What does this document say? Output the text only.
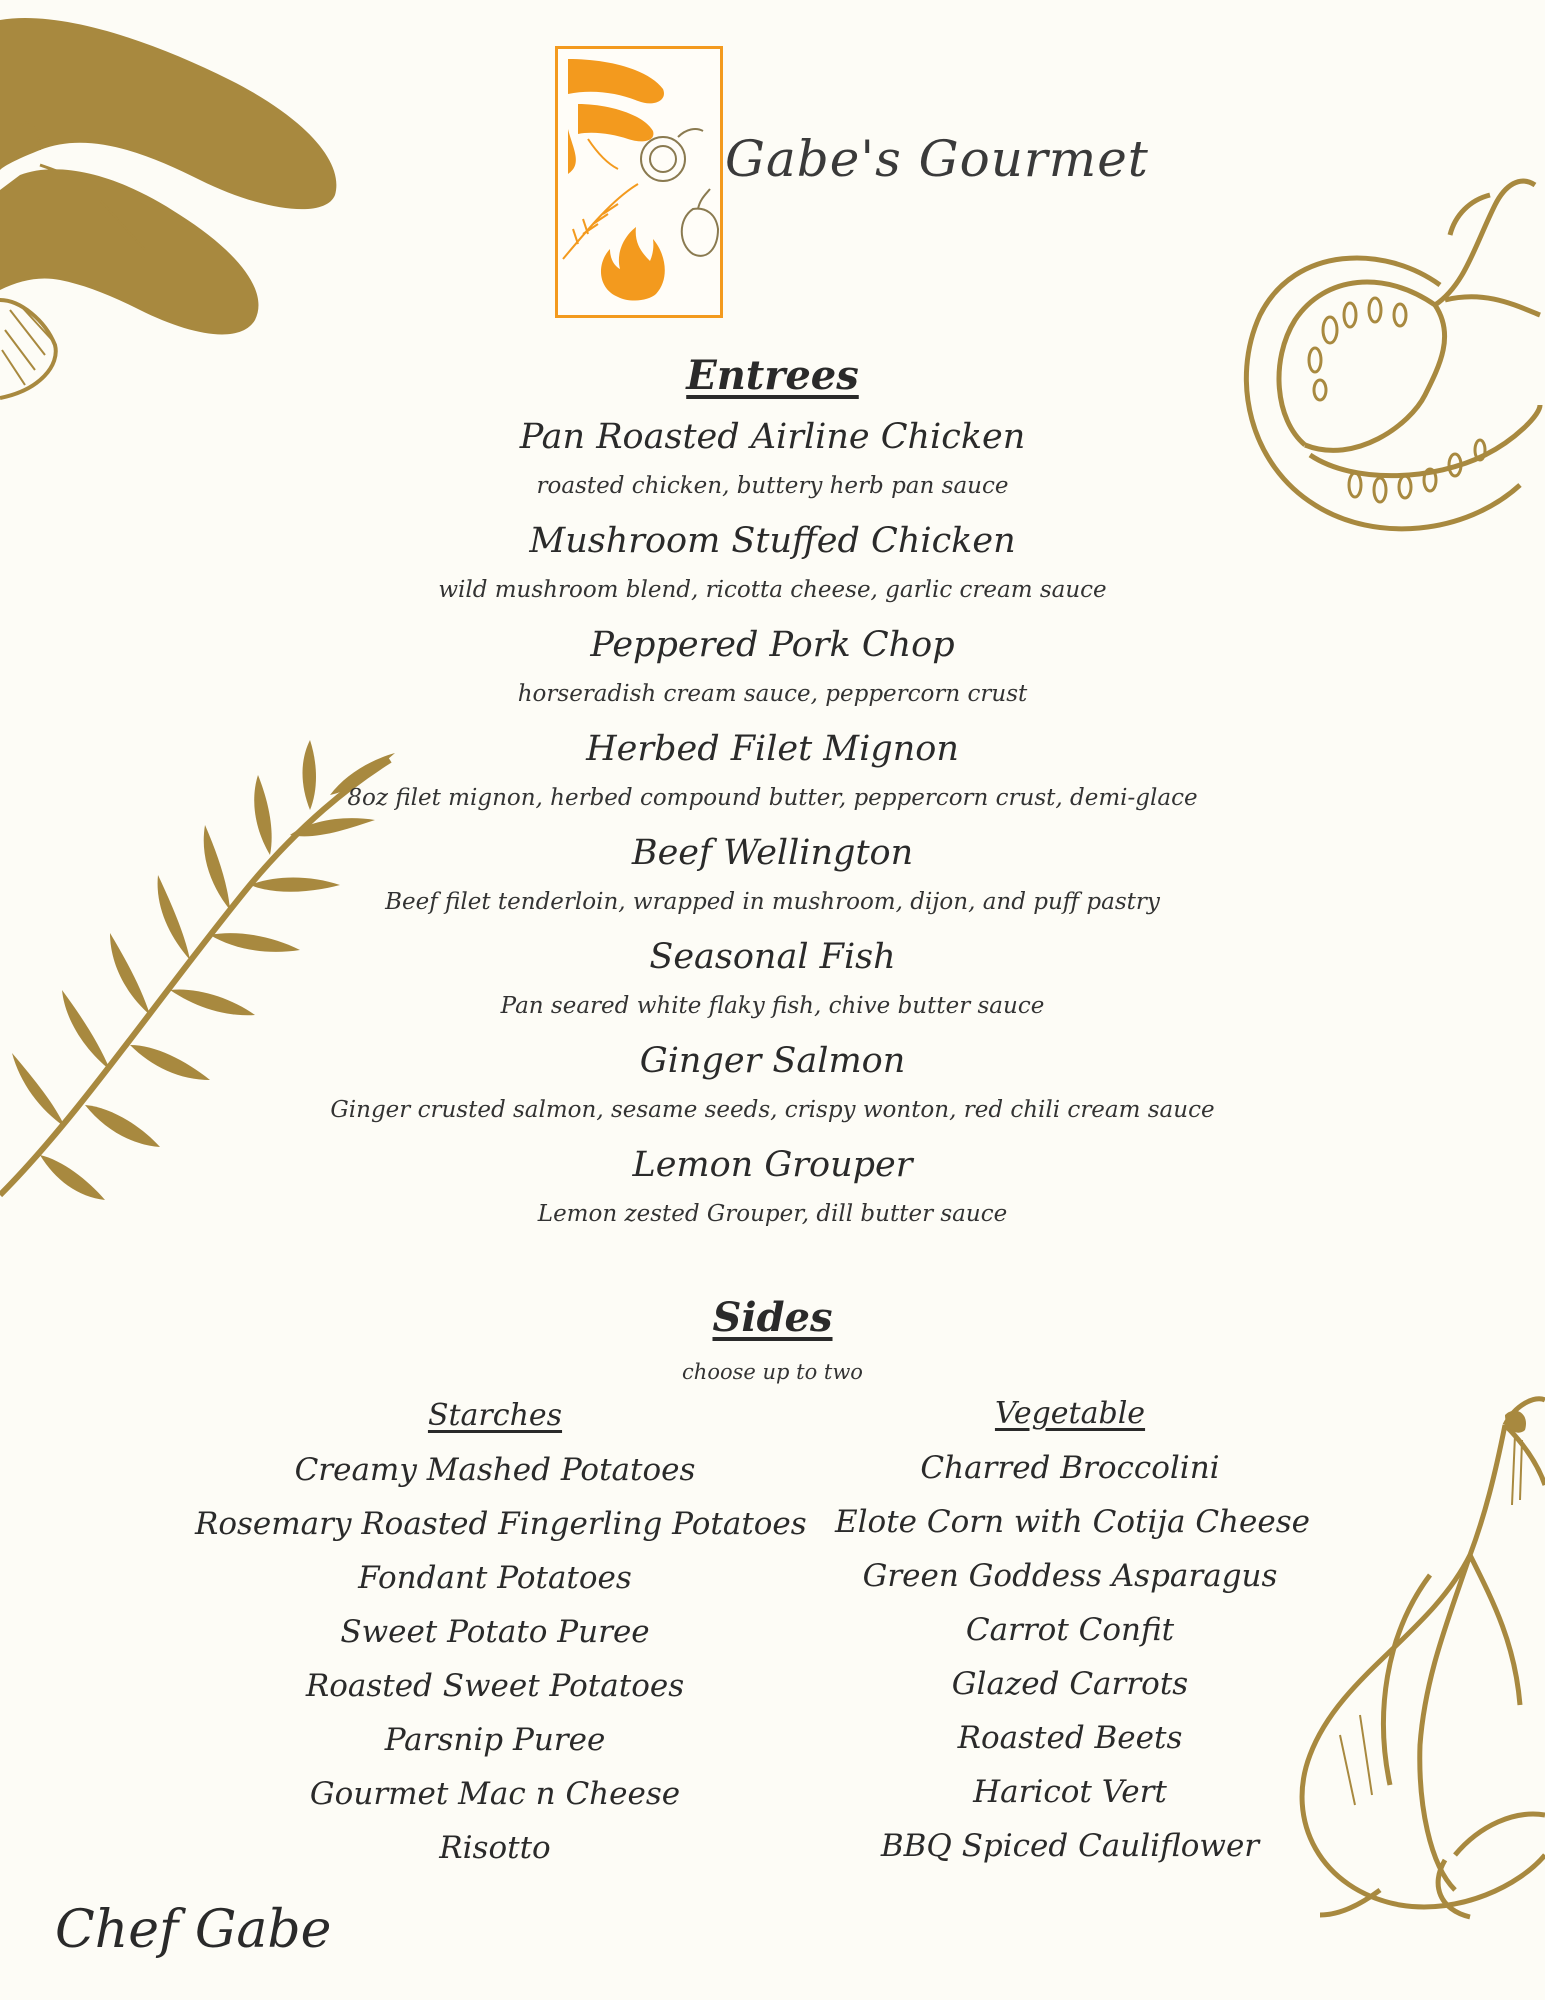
Gabe's Gourmet
Entrees

Pan Roasted Airline Chicken

roasted chicken, buttery herb pan sauce

Mushroom Stuffed Chicken

wild mushroom blend, ricotta cheese, garlic cream sauce

Peppered Pork Chop

horseradish cream sauce, peppercorn crust

Herbed Filet Mignon

8oz filet mignon, herbed compound butter, peppercorn crust, demi-glace

Beef Wellington

Beef filet tenderloin, wrapped in mushroom, dijon, and puff pastry

Seasonal Fish

Pan seared white flaky fish, chive butter sauce

Ginger Salmon

Ginger crusted salmon, sesame seeds, crispy wonton, red chili cream sauce

Lemon Grouper

Lemon zested Grouper, dill butter sauce

Sides
choose up to two
Starches
Creamy Mashed Potatoes
Rosemary Roasted Fingerling Potatoes
Fondant Potatoes
Sweet Potato Puree
Roasted Sweet Potatoes
Parsnip Puree
Gourmet Mac n Cheese
Risotto
Vegetable
Charred Broccolini
Elote Corn with Cotija Cheese
Green Goddess Asparagus
Carrot Confit
Glazed Carrots
Roasted Beets
Haricot Vert
BBQ Spiced Cauliflower
Chef Gabe
